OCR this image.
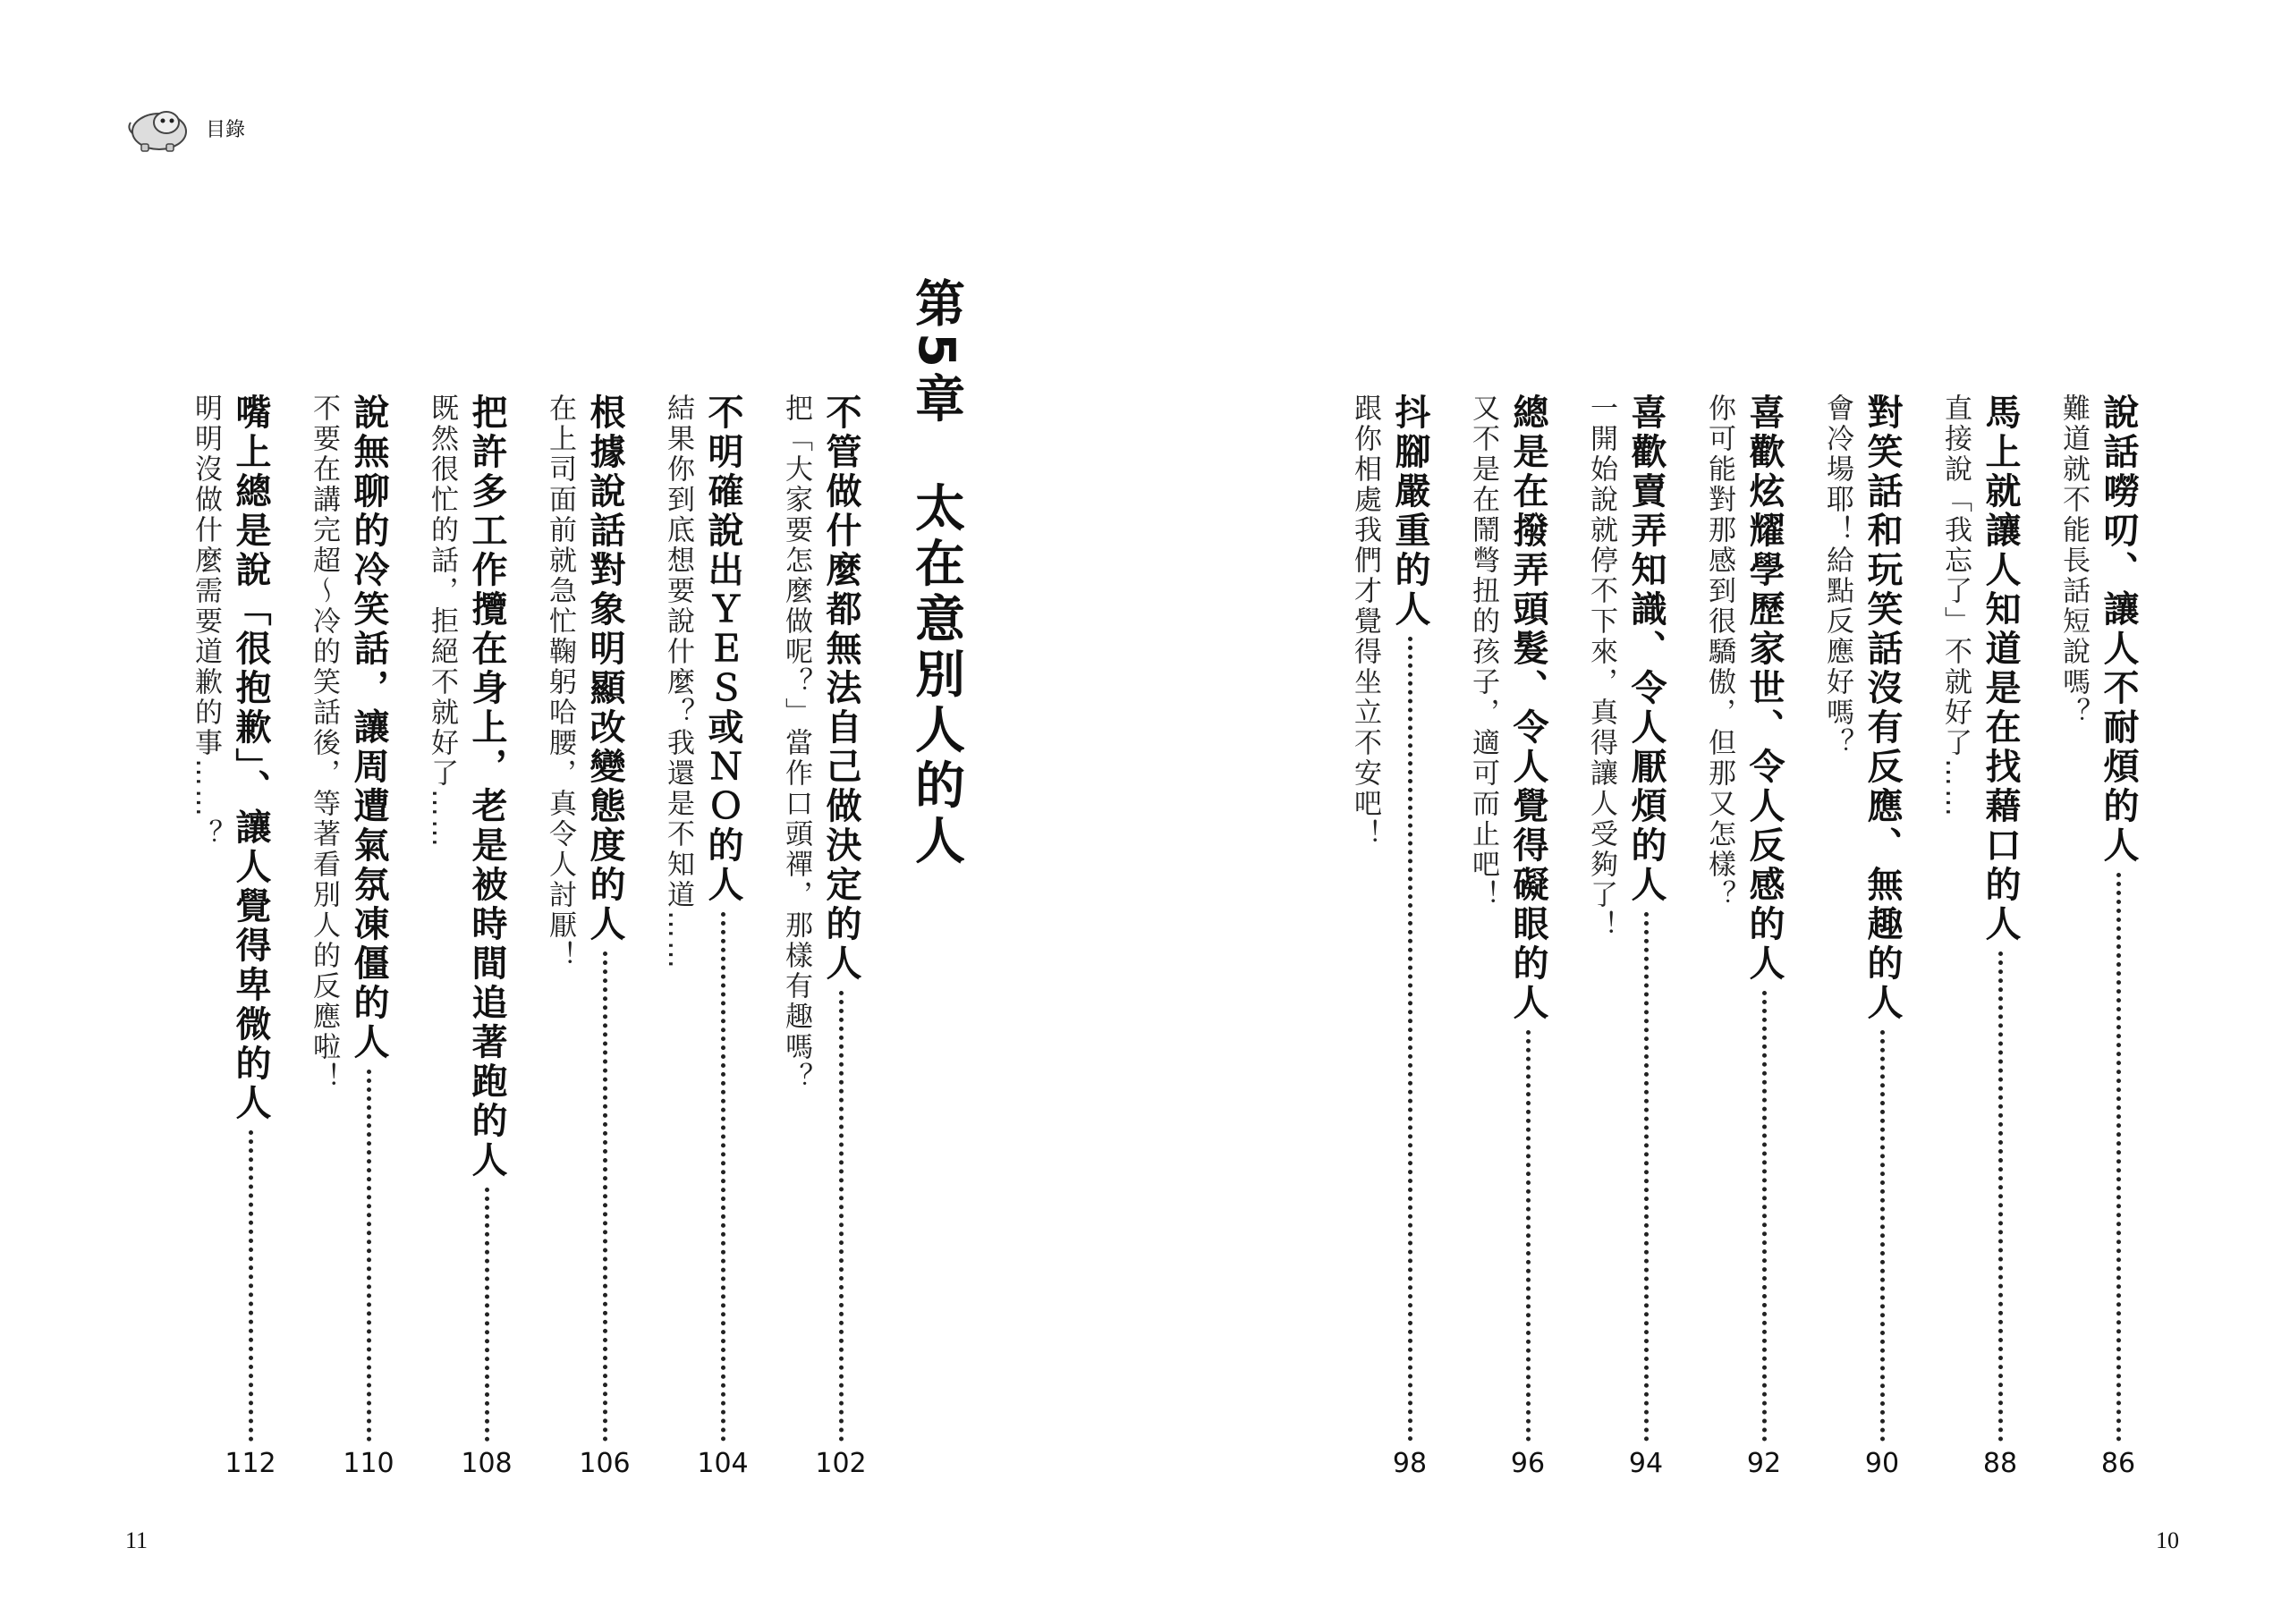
目錄
第5章太在意別人的人	說話嘮叨、讓人不耐煩的人
86
難道就不能長話短說嗎？
馬上就讓人知道是在找藉口的人
88
直接說「我忘了」不就好了……
對笑話和玩笑話沒有反應、無趣的人
90
會冷場耶！給點反應好嗎？
喜歡炫耀學歷家世、令人反感的人
92
你可能對那感到很驕傲，但那又怎樣？
喜歡賣弄知識、令人厭煩的人
94
一開始說就停不下來，真得讓人受夠了！
總是在撥弄頭髮、令人覺得礙眼的人
96
又不是在鬧彆扭的孩子，適可而止吧！
抖腳嚴重的人
98
跟你相處我們才覺得坐立不安吧！
不管做什麼都無法自己做決定的人
102
把「大家要怎麼做呢？」當作口頭禪，那樣有趣嗎？
不明確說出ＹＥＳ或ＮＯ的人
104
結果你到底想要說什麼？我還是不知道……
根據說話對象明顯改變態度的人
106
在上司面前就急忙鞠躬哈腰，真令人討厭！
把許多工作攬在身上，老是被時間追著跑的人
108
既然很忙的話，拒絕不就好了……
說無聊的冷笑話，讓周遭氣氛凍僵的人
110
不要在講完超～冷的笑話後，等著看別人的反應啦！
嘴上總是說「很抱歉」、讓人覺得卑微的人
112
明明沒做什麼需要道歉的事……？
11	10
